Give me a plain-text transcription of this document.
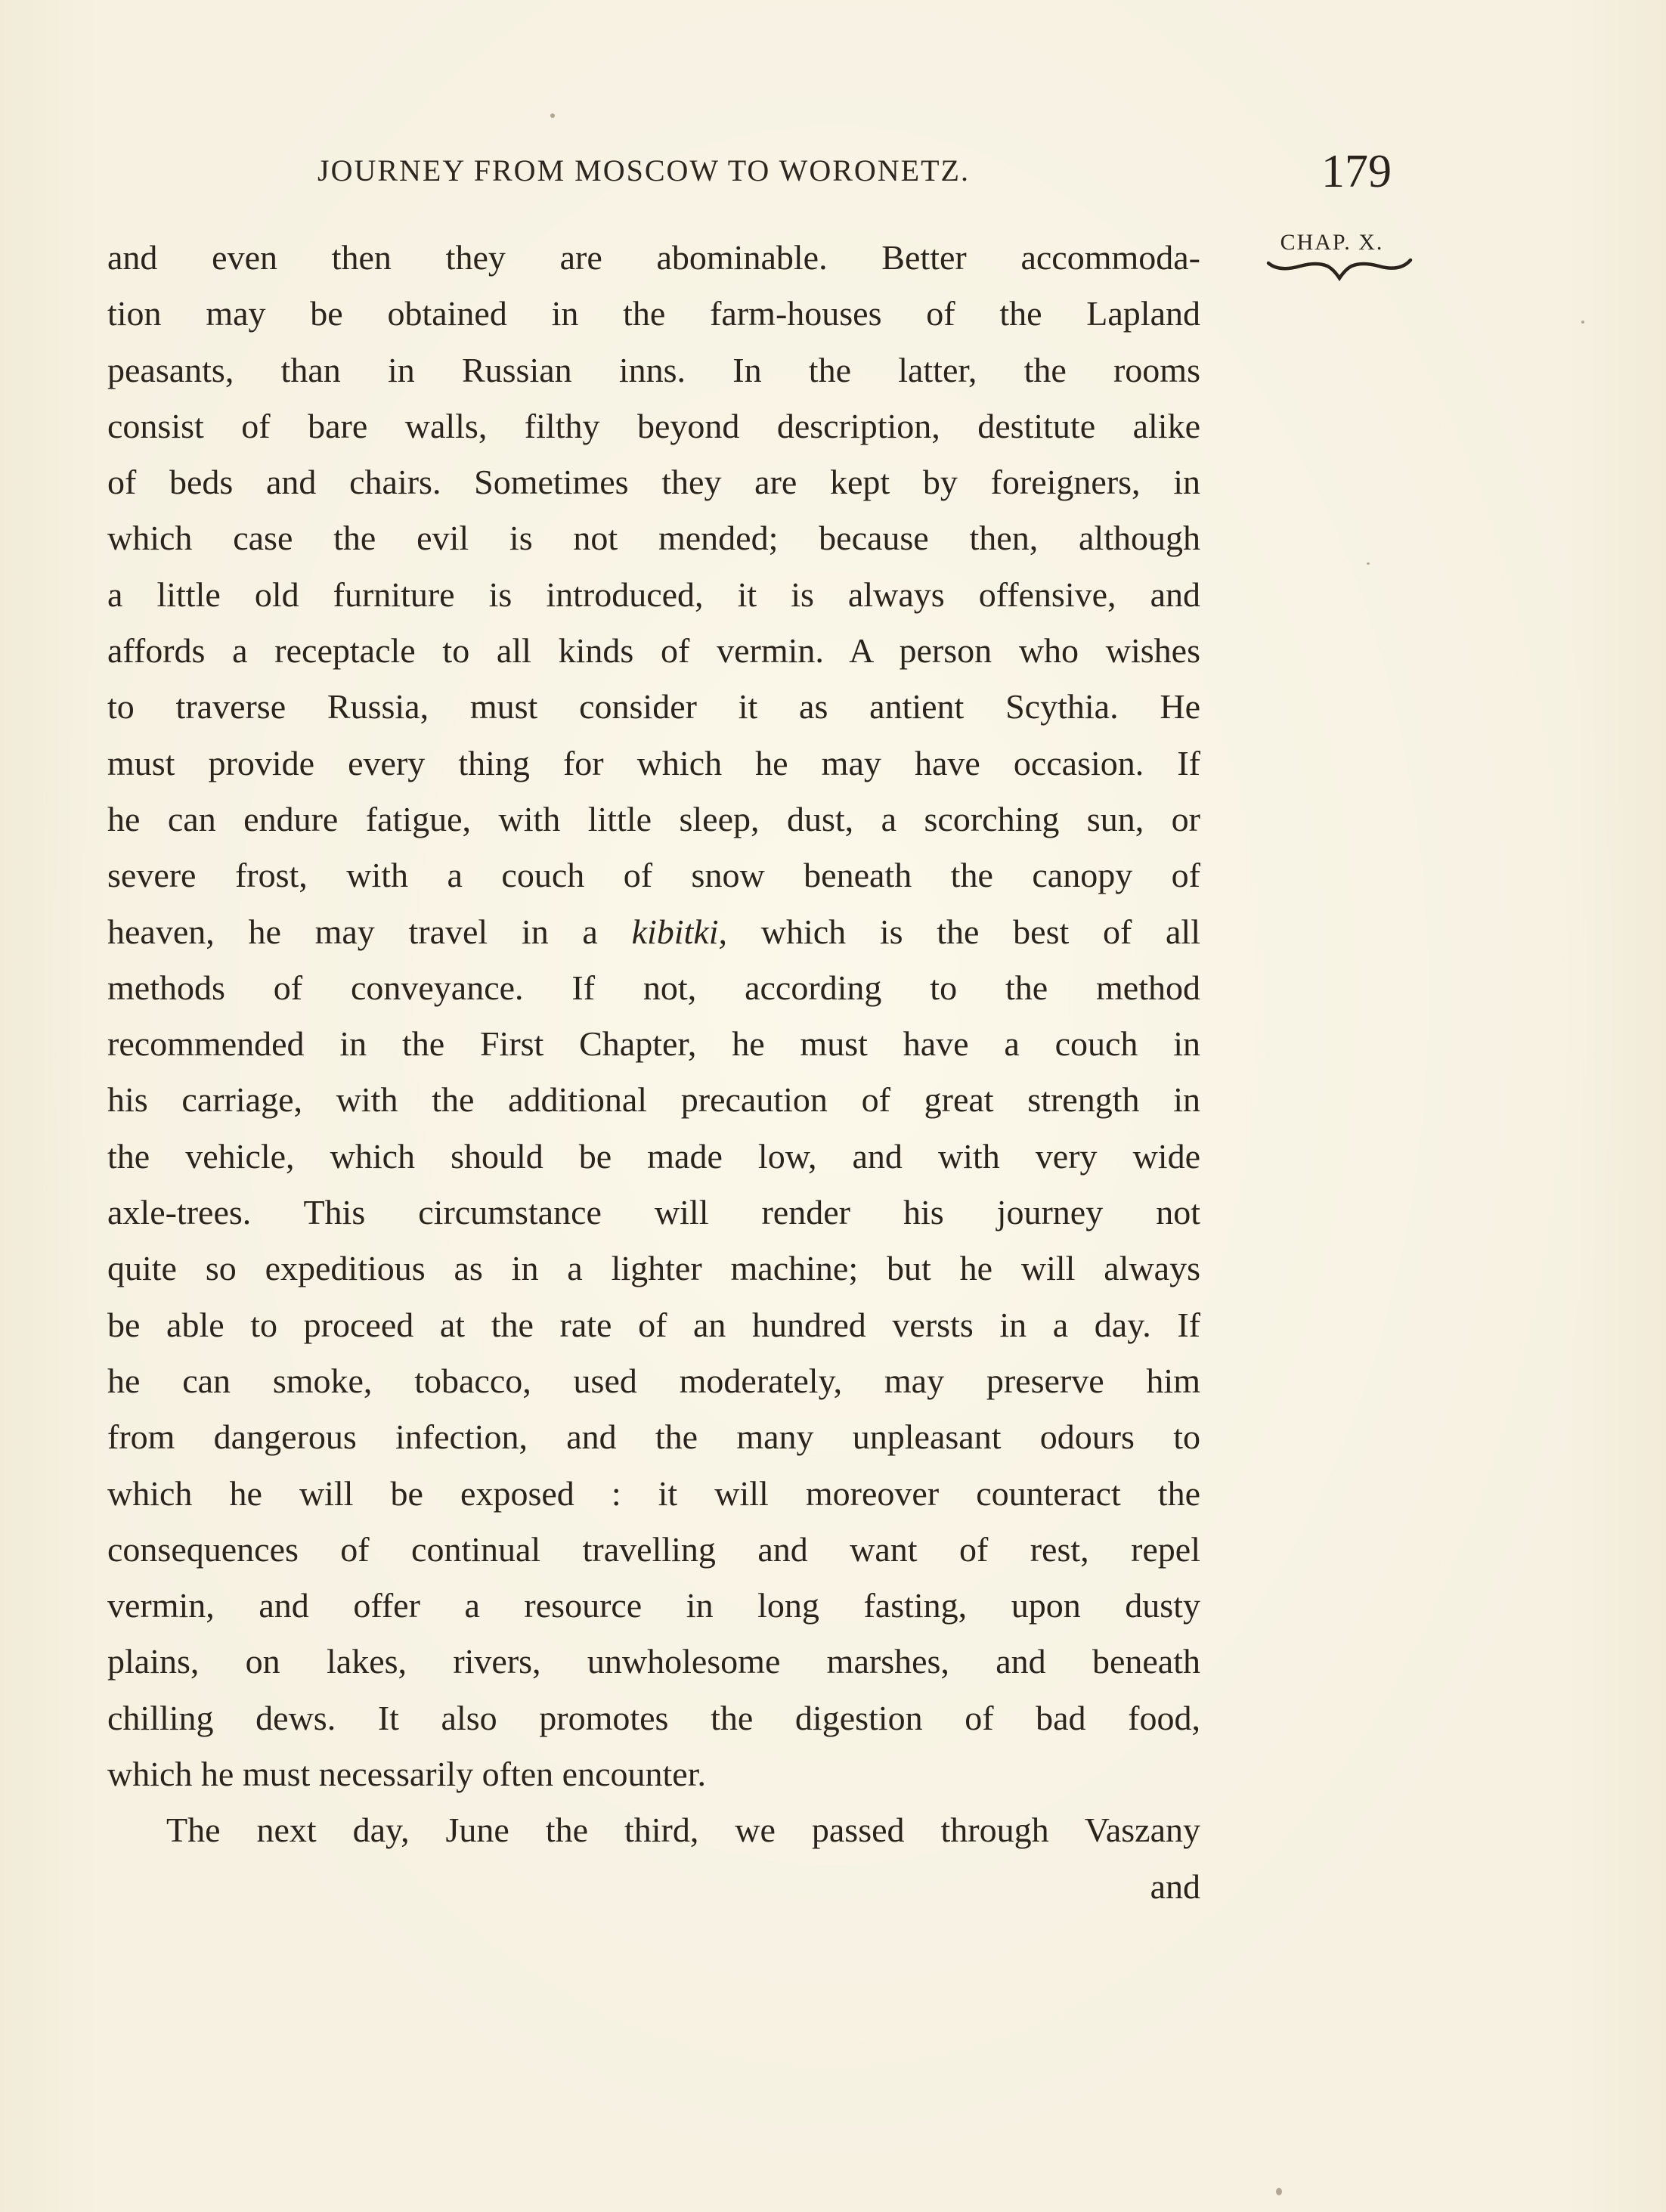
JOURNEY FROM MOSCOW TO WORONETZ.	179
CHAP. X.
and even then they are abominable. Better accommoda-
tion may be obtained in the farm-houses of the Lapland
peasants, than in Russian inns. In the latter, the rooms
consist of bare walls, filthy beyond description, destitute alike
of beds and chairs. Sometimes they are kept by foreigners, in
which case the evil is not mended; because then, although
a little old furniture is introduced, it is always offensive, and
affords a receptacle to all kinds of vermin. A person who wishes
to traverse Russia, must consider it as antient Scythia. He
must provide every thing for which he may have occasion. If
he can endure fatigue, with little sleep, dust, a scorching sun, or
severe frost, with a couch of snow beneath the canopy of
heaven, he may travel in a kibitki, which is the best of all
methods of conveyance. If not, according to the method
recommended in the First Chapter, he must have a couch in
his carriage, with the additional precaution of great strength in
the vehicle, which should be made low, and with very wide
axle-trees. This circumstance will render his journey not
quite so expeditious as in a lighter machine; but he will always
be able to proceed at the rate of an hundred versts in a day. If
he can smoke, tobacco, used moderately, may preserve him
from dangerous infection, and the many unpleasant odours to
which he will be exposed : it will moreover counteract the
consequences of continual travelling and want of rest, repel
vermin, and offer a resource in long fasting, upon dusty
plains, on lakes, rivers, unwholesome marshes, and beneath
chilling dews. It also promotes the digestion of bad food,
which he must necessarily often encounter.
The next day, June the third, we passed through Vaszany
and
